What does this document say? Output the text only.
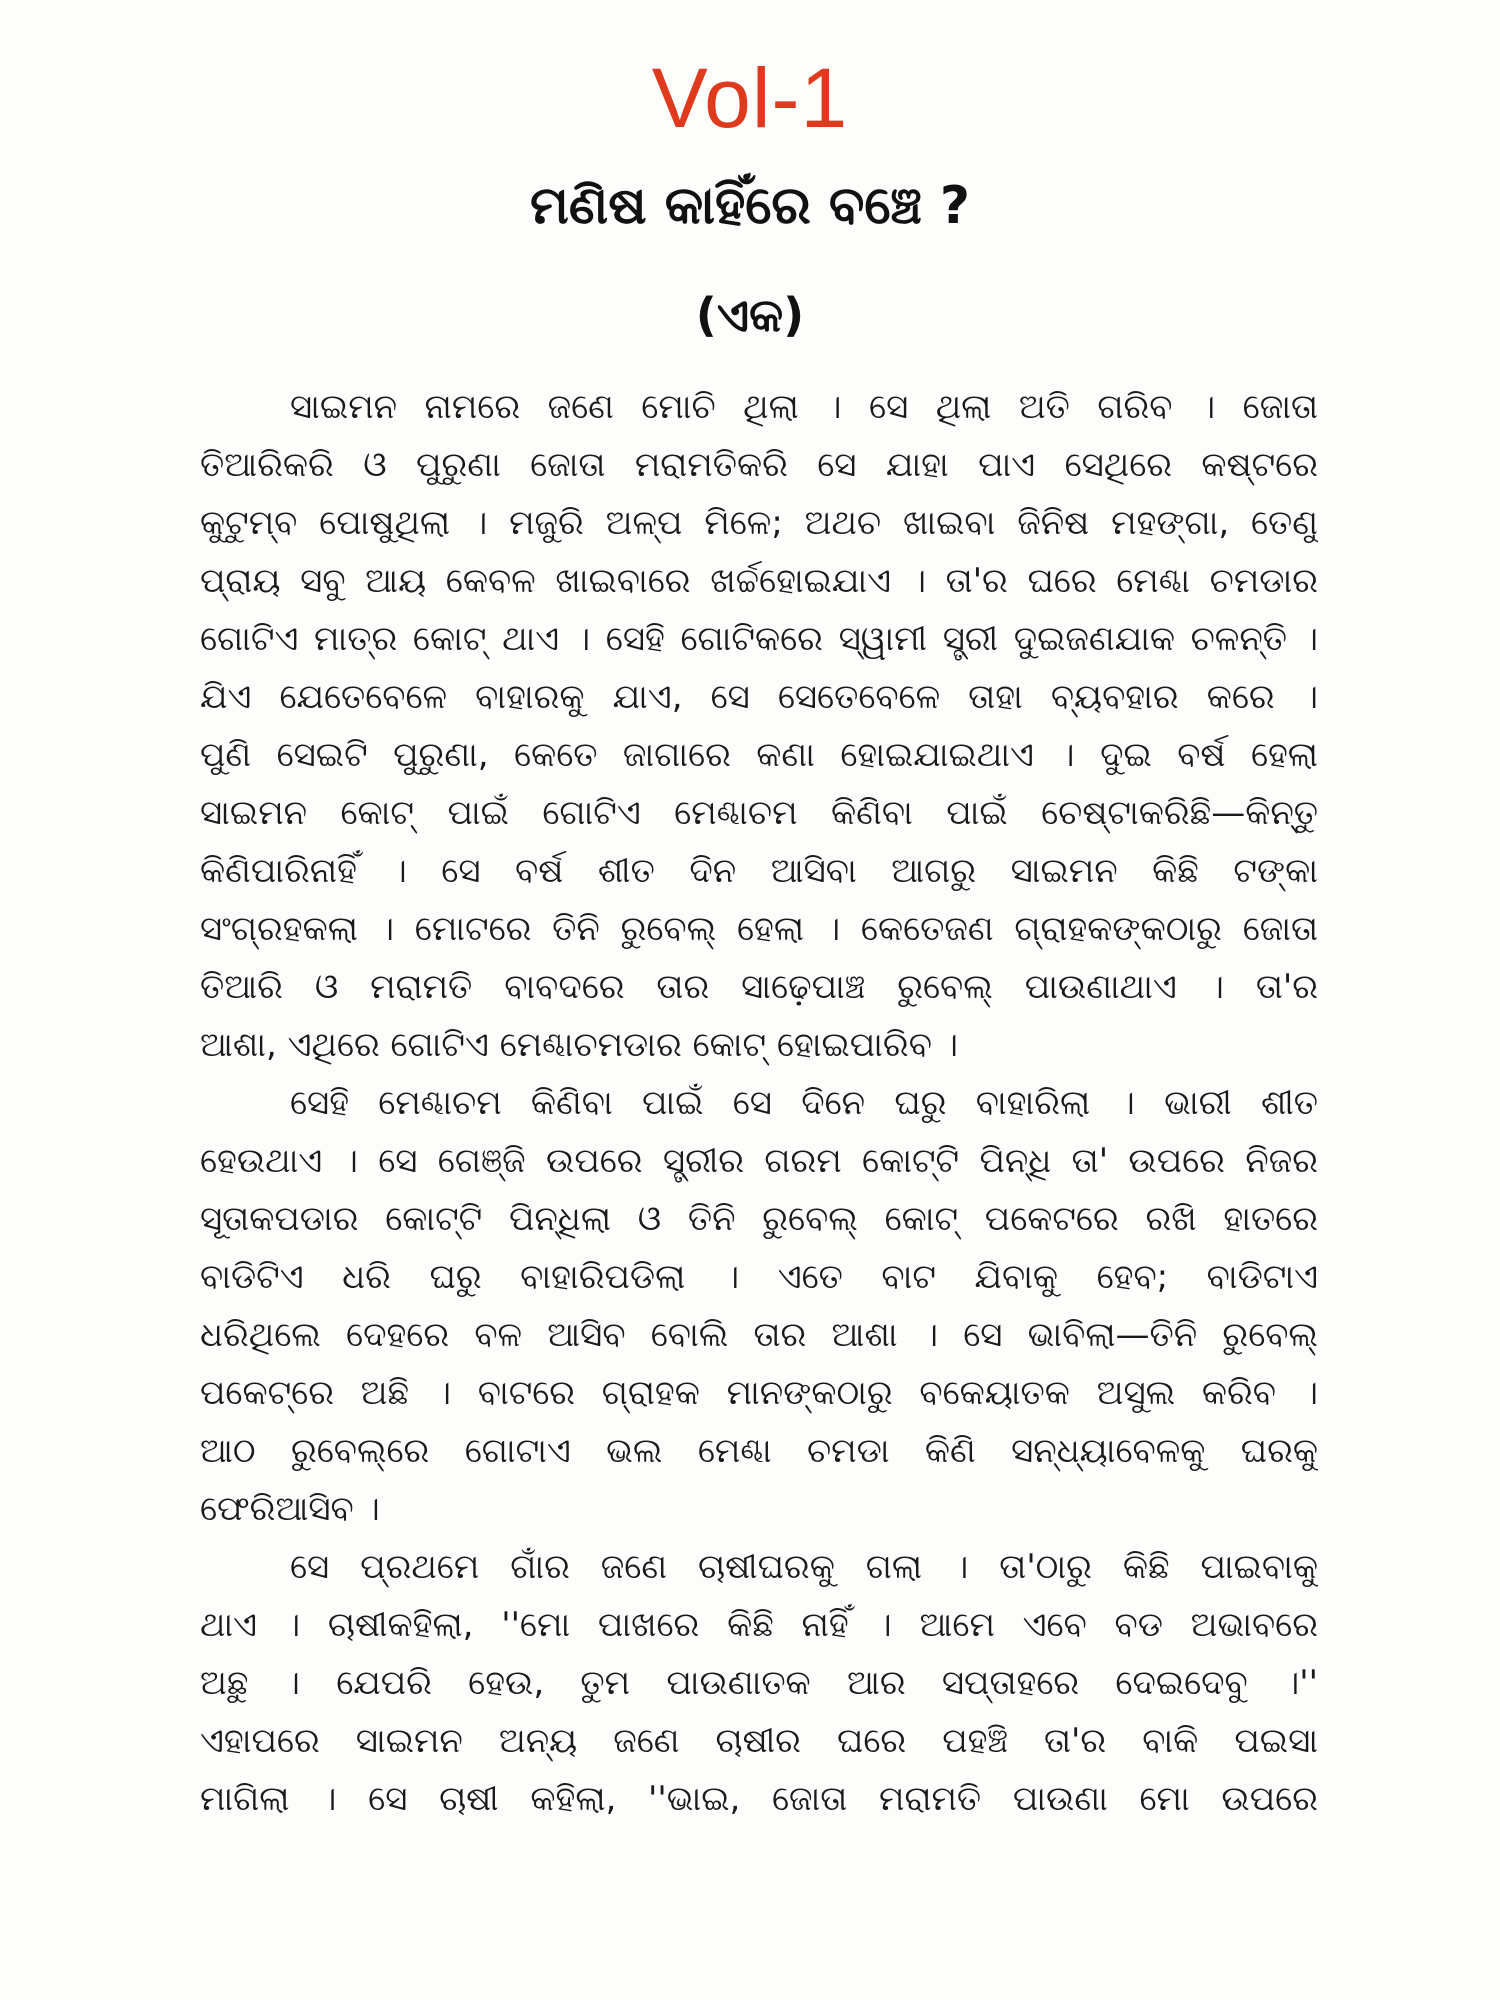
Vol-1
ମଣିଷ କାହିଁରେ ବଞ୍ଚେ ?
(ଏକ)
ସାଇମନ ନାମରେ ଜଣେ ମୋଚି ଥିଲା । ସେ ଥିଲା ଅତି ଗରିବ । ଜୋତା
ତିଆରିକରି ଓ ପୁରୁଣା ଜୋତା ମରାମତିକରି ସେ ଯାହା ପାଏ ସେଥିରେ କଷ୍ଟରେ
କୁଟୁମ୍ବ ପୋଷୁଥିଲା । ମଜୁରି ଅଳ୍ପ ମିଳେ; ଅଥଚ ଖାଇବା ଜିନିଷ ମହଙ୍ଗା, ତେଣୁ
ପ୍ରାୟ ସବୁ ଆୟ କେବଳ ଖାଇବାରେ ଖର୍ଚ୍ଚହୋଇଯାଏ । ତା'ର ଘରେ ମେଣ୍ଢା ଚମଡାର
ଗୋଟିଏ ମାତ୍ର କୋଟ୍ ଥାଏ । ସେହି ଗୋଟିକରେ ସ୍ୱାମୀ ସ୍ତ୍ରୀ ଦୁଇଜଣଯାକ ଚଳନ୍ତି ।
ଯିଏ ଯେତେବେଳେ ବାହାରକୁ ଯାଏ, ସେ ସେତେବେଳେ ତାହା ବ୍ୟବହାର କରେ ।
ପୁଣି ସେଇଟି ପୁରୁଣା, କେତେ ଜାଗାରେ କଣା ହୋଇଯାଇଥାଏ । ଦୁଇ ବର୍ଷ ହେଲା
ସାଇମନ କୋଟ୍ ପାଇଁ ଗୋଟିଏ ମେଣ୍ଢାଚମ କିଣିବା ପାଇଁ ଚେଷ୍ଟାକରିଛି—କିନ୍ତୁ
କିଣିପାରିନାହିଁ । ସେ ବର୍ଷ ଶୀତ ଦିନ ଆସିବା ଆଗରୁ ସାଇମନ କିଛି ଟଙ୍କା
ସଂଗ୍ରହକଲା । ମୋଟରେ ତିନି ରୁବେଲ୍ ହେଲା । କେତେଜଣ ଗ୍ରାହକଙ୍କଠାରୁ ଜୋତା
ତିଆରି ଓ ମରାମତି ବାବଦରେ ତାର ସାଢ଼େପାଞ୍ଚ ରୁବେଲ୍ ପାଉଣାଥାଏ । ତା'ର
ଆଶା, ଏଥିରେ ଗୋଟିଏ ମେଣ୍ଢାଚମଡାର କୋଟ୍ ହୋଇପାରିବ ।
ସେହି ମେଣ୍ଢାଚମ କିଣିବା ପାଇଁ ସେ ଦିନେ ଘରୁ ବାହାରିଲା । ଭାରୀ ଶୀତ
ହେଉଥାଏ । ସେ ଗେଞ୍ଜି ଉପରେ ସ୍ତ୍ରୀର ଗରମ କୋଟ୍‌ଟି ପିନ୍ଧି ତା' ଉପରେ ନିଜର
ସୂତାକପଡାର କୋଟ୍‌ଟି ପିନ୍ଧିଲା ଓ ତିନି ରୁବେଲ୍ କୋଟ୍ ପକେଟରେ ରଖି ହାତରେ
ବାଡିଟିଏ ଧରି ଘରୁ ବାହାରିପଡିଲା । ଏତେ ବାଟ ଯିବାକୁ ହେବ; ବାଡିଟାଏ
ଧରିଥିଲେ ଦେହରେ ବଳ ଆସିବ ବୋଲି ତାର ଆଶା । ସେ ଭାବିଲା—ତିନି ରୁବେଲ୍
ପକେଟ୍‌ରେ ଅଛି । ବାଟରେ ଗ୍ରାହକ ମାନଙ୍କଠାରୁ ବକେୟାତକ ଅସୁଲ କରିବ ।
ଆଠ ରୁବେଲ୍‌ରେ ଗୋଟାଏ ଭଲ ମେଣ୍ଢା ଚମଡା କିଣି ସନ୍ଧ୍ୟାବେଳକୁ ଘରକୁ
ଫେରିଆସିବ ।
ସେ ପ୍ରଥମେ ଗାଁର ଜଣେ ଚାଷୀଘରକୁ ଗଲା । ତା'ଠାରୁ କିଛି ପାଇବାକୁ
ଥାଏ । ଚାଷୀକହିଲା, ''ମୋ ପାଖରେ କିଛି ନାହିଁ । ଆମେ ଏବେ ବଡ ଅଭାବରେ
ଅଛୁ । ଯେପରି ହେଉ, ତୁମ ପାଉଣାତକ ଆର ସପ୍ତାହରେ ଦେଇଦେବୁ ।''
ଏହାପରେ ସାଇମନ ଅନ୍ୟ ଜଣେ ଚାଷୀର ଘରେ ପହଞ୍ଚି ତା'ର ବାକି ପଇସା
ମାଗିଲା । ସେ ଚାଷୀ କହିଲା, ''ଭାଇ, ଜୋତା ମରାମତି ପାଉଣା ମୋ ଉପରେ
